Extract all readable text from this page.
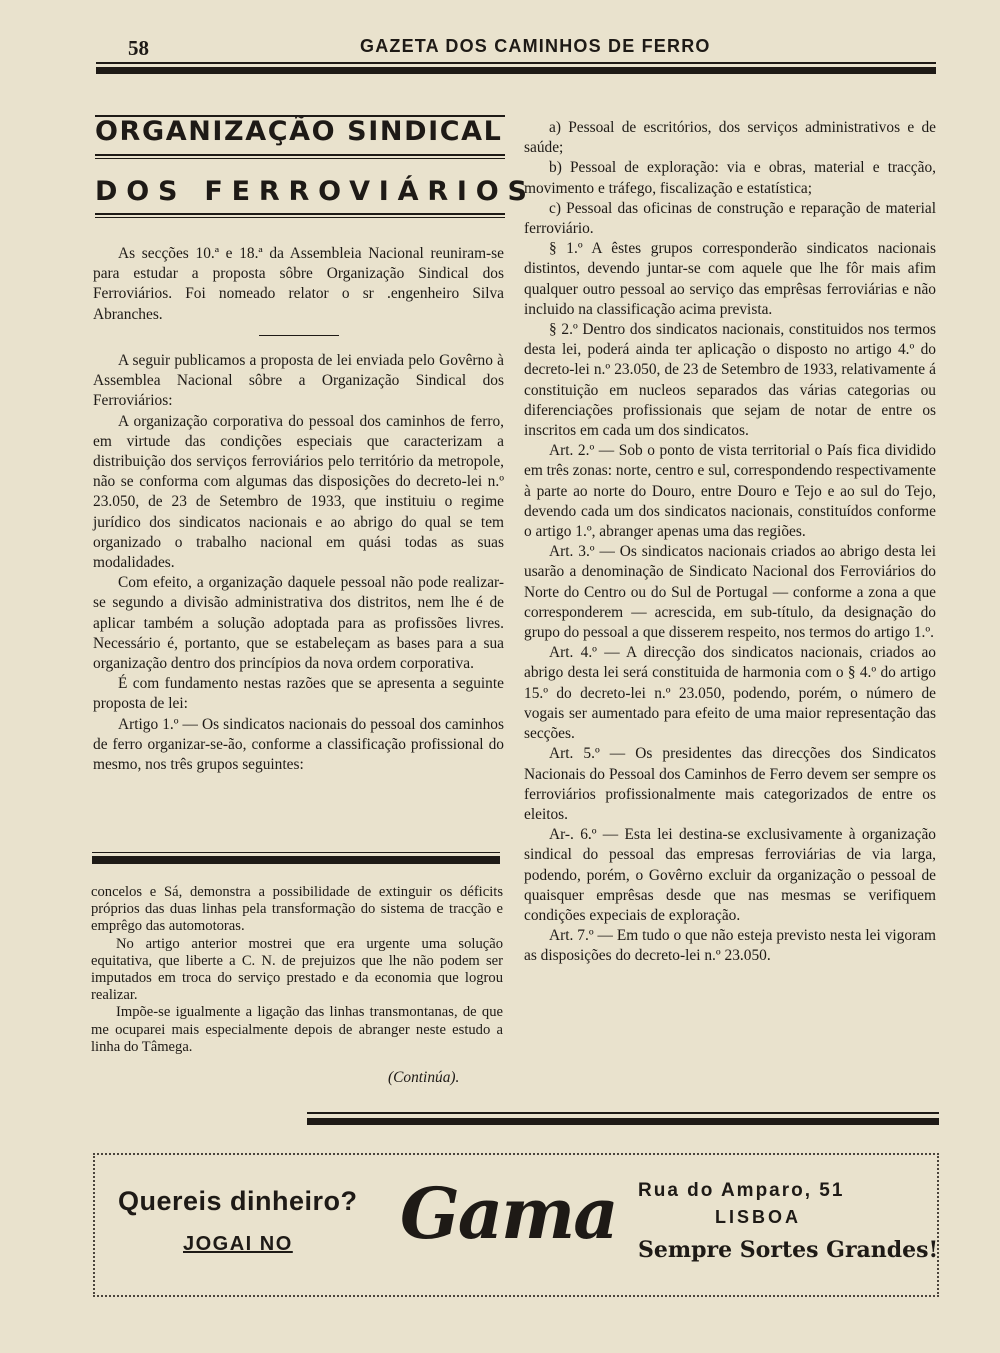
58	GAZETA DOS CAMINHOS DE FERRO
ORGANIZAÇÃO SINDICAL
DOS FERROVIÁRIOS

As secções 10.ª e 18.ª da Assembleia Nacional reuniram-se para estudar a proposta sôbre Organização Sindical dos Ferroviários. Foi nomeado relator o sr .engenheiro Silva Abranches.

A seguir publicamos a proposta de lei enviada pelo Govêrno à Assemblea Nacional sôbre a Organização Sindical dos Ferroviários:

A organização corporativa do pessoal dos caminhos de ferro, em virtude das condições especiais que caracterizam a distribuição dos serviços ferroviários pelo território da metropole, não se conforma com algumas das disposições do decreto-lei n.º 23.050, de 23 de Setembro de 1933, que instituiu o regime jurídico dos sindicatos nacionais e ao abrigo do qual se tem organizado o trabalho nacional em quási todas as suas modalidades.

Com efeito, a organização daquele pessoal não pode realizar-se segundo a divisão administrativa dos distritos, nem lhe é de aplicar também a solução adoptada para as profissões livres. Necessário é, portanto, que se estabeleçam as bases para a sua organização dentro dos princípios da nova ordem corporativa.

É com fundamento nestas razões que se apresenta a seguinte proposta de lei:

Artigo 1.º — Os sindicatos nacionais do pessoal dos caminhos de ferro organizar-se-ão, conforme a classificação profissional do mesmo, nos três grupos seguintes:

concelos e Sá, demonstra a possibilidade de extinguir os déficits próprios das duas linhas pela transformação do sistema de tracção e emprêgo das automotoras.

No artigo anterior mostrei que era urgente uma solução equitativa, que liberte a C. N. de prejuizos que lhe não podem ser imputados em troca do serviço prestado e da economia que logrou realizar.

Impõe-se igualmente a ligação das linhas transmontanas, de que me ocuparei mais especialmente depois de abranger neste estudo a linha do Tâmega.

(Continúa).

a) Pessoal de escritórios, dos serviços administrativos e de saúde;

b) Pessoal de exploração: via e obras, material e tracção, movimento e tráfego, fiscalização e estatística;

c) Pessoal das oficinas de construção e reparação de material ferroviário.

§ 1.º A êstes grupos corresponderão sindicatos nacionais distintos, devendo juntar-se com aquele que lhe fôr mais afim qualquer outro pessoal ao serviço das emprêsas ferroviárias e não incluido na classificação acima prevista.

§ 2.º Dentro dos sindicatos nacionais, constituidos nos termos desta lei, poderá ainda ter aplicação o disposto no artigo 4.º do decreto-lei n.º 23.050, de 23 de Setembro de 1933, relativamente á constituição em nucleos separados das várias categorias ou diferenciações profissionais que sejam de notar de entre os inscritos em cada um dos sindicatos.

Art. 2.º — Sob o ponto de vista territorial o País fica dividido em três zonas: norte, centro e sul, correspondendo respectivamente à parte ao norte do Douro, entre Douro e Tejo e ao sul do Tejo, devendo cada um dos sindicatos nacionais, constituídos conforme o artigo 1.º, abranger apenas uma das regiões.

Art. 3.º — Os sindicatos nacionais criados ao abrigo desta lei usarão a denominação de Sindicato Nacional dos Ferroviários do Norte do Centro ou do Sul de Portugal — conforme a zona a que corresponderem — acrescida, em sub-título, da designação do grupo do pessoal a que disserem respeito, nos termos do artigo 1.º.

Art. 4.º — A direcção dos sindicatos nacionais, criados ao abrigo desta lei será constituida de harmonia com o § 4.º do artigo 15.º do decreto-lei n.º 23.050, podendo, porém, o número de vogais ser aumentado para efeito de uma maior representação das secções.

Art. 5.º — Os presidentes das direcções dos Sindicatos Nacionais do Pessoal dos Caminhos de Ferro devem ser sempre os ferroviários profissionalmente mais categorizados de entre os eleitos.

Ar-. 6.º — Esta lei destina-se exclusivamente à organização sindical do pessoal das empresas ferroviárias de via larga, podendo, porém, o Govêrno excluir da organização o pessoal de quaisquer emprêsas desde que nas mesmas se verifiquem condições expeciais de exploração.

Art. 7.º — Em tudo o que não esteja previsto nesta lei vigoram as disposições do decreto-lei n.º 23.050.

Quereis dinheiro?
JOGAI NO Gama Rua do Amparo, 51
LISBOA
Sempre Sortes Grandes!
